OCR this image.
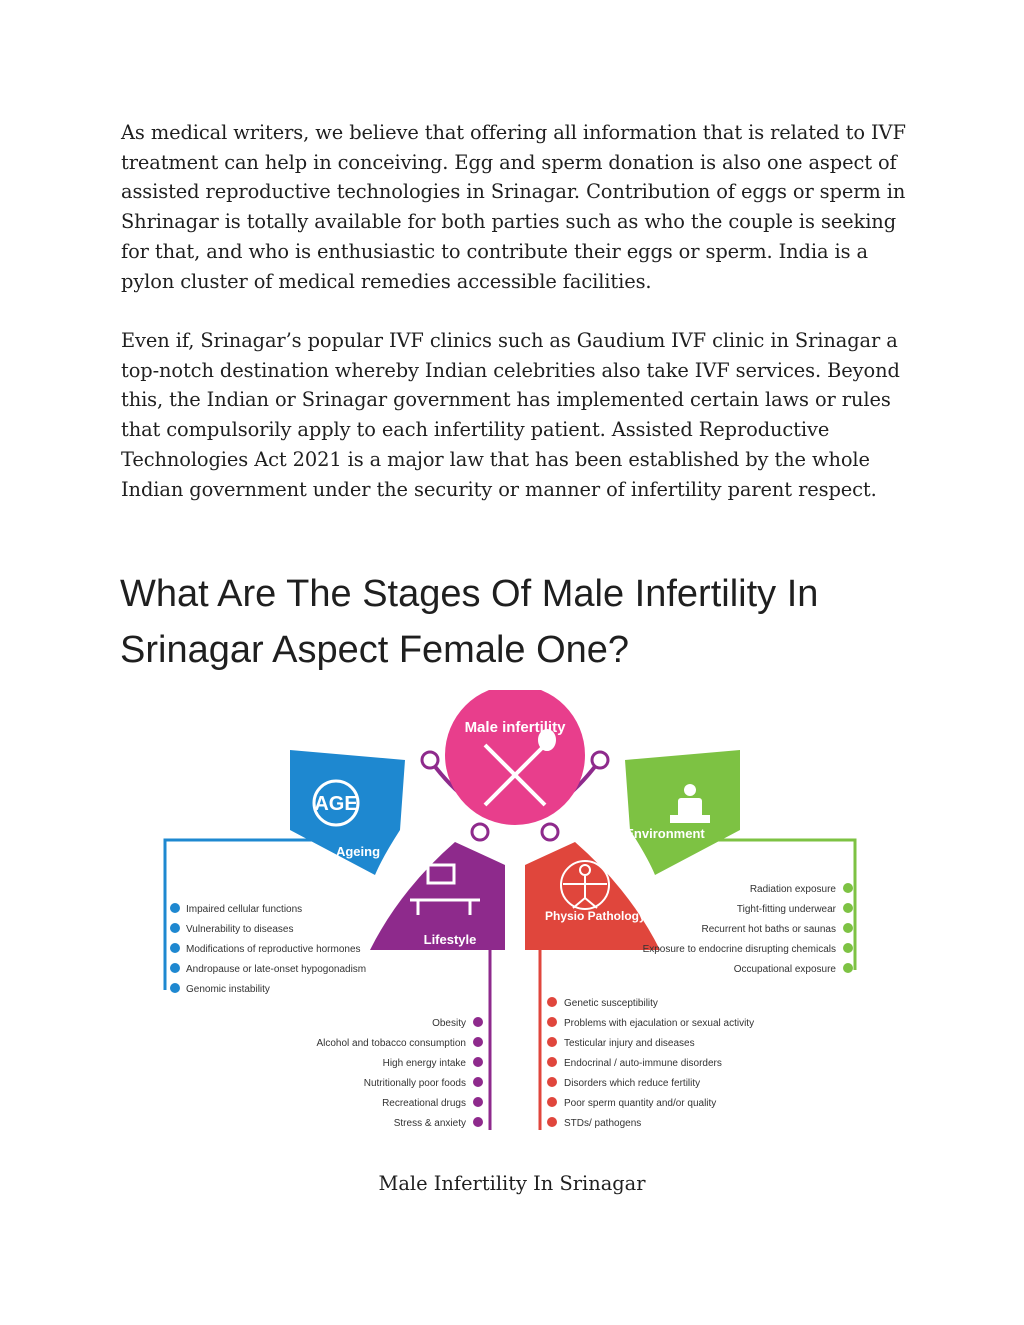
As medical writers, we believe that offering all information that is related to IVF treatment can help in conceiving. Egg and sperm donation is also one aspect of assisted reproductive technologies in Srinagar. Contribution of eggs or sperm in Shrinagar is totally available for both parties such as who the couple is seeking for that, and who is enthusiastic to contribute their eggs or sperm. India is a pylon cluster of medical remedies accessible facilities.

Even if, Srinagar’s popular IVF clinics such as Gaudium IVF clinic in Srinagar a top-notch destination whereby Indian celebrities also take IVF services. Beyond this, the Indian or Srinagar government has implemented certain laws or rules that compulsorily apply to each infertility patient. Assisted Reproductive Technologies Act 2021 is a major law that has been established by the whole Indian government under the security or manner of infertility parent respect.

What Are The Stages Of Male Infertility In Srinagar Aspect Female One?
Male infertility
AGE
Ageing
Environment
Lifestyle
Physio Pathology
Impaired cellular functions
Vulnerability to diseases
Modifications of reproductive hormones
Andropause or late-onset hypogonadism
Genomic instability
Radiation exposure
Tight-fitting underwear
Recurrent hot baths or saunas
Exposure to endocrine disrupting chemicals
Occupational exposure
Obesity
Alcohol and tobacco consumption
High energy intake
Nutritionally poor foods
Recreational drugs
Stress & anxiety
Genetic susceptibility
Problems with ejaculation or sexual activity
Testicular injury and diseases
Endocrinal / auto-immune disorders
Disorders which reduce fertility
Poor sperm quantity and/or quality
STDs/ pathogens
Male Infertility In Srinagar
